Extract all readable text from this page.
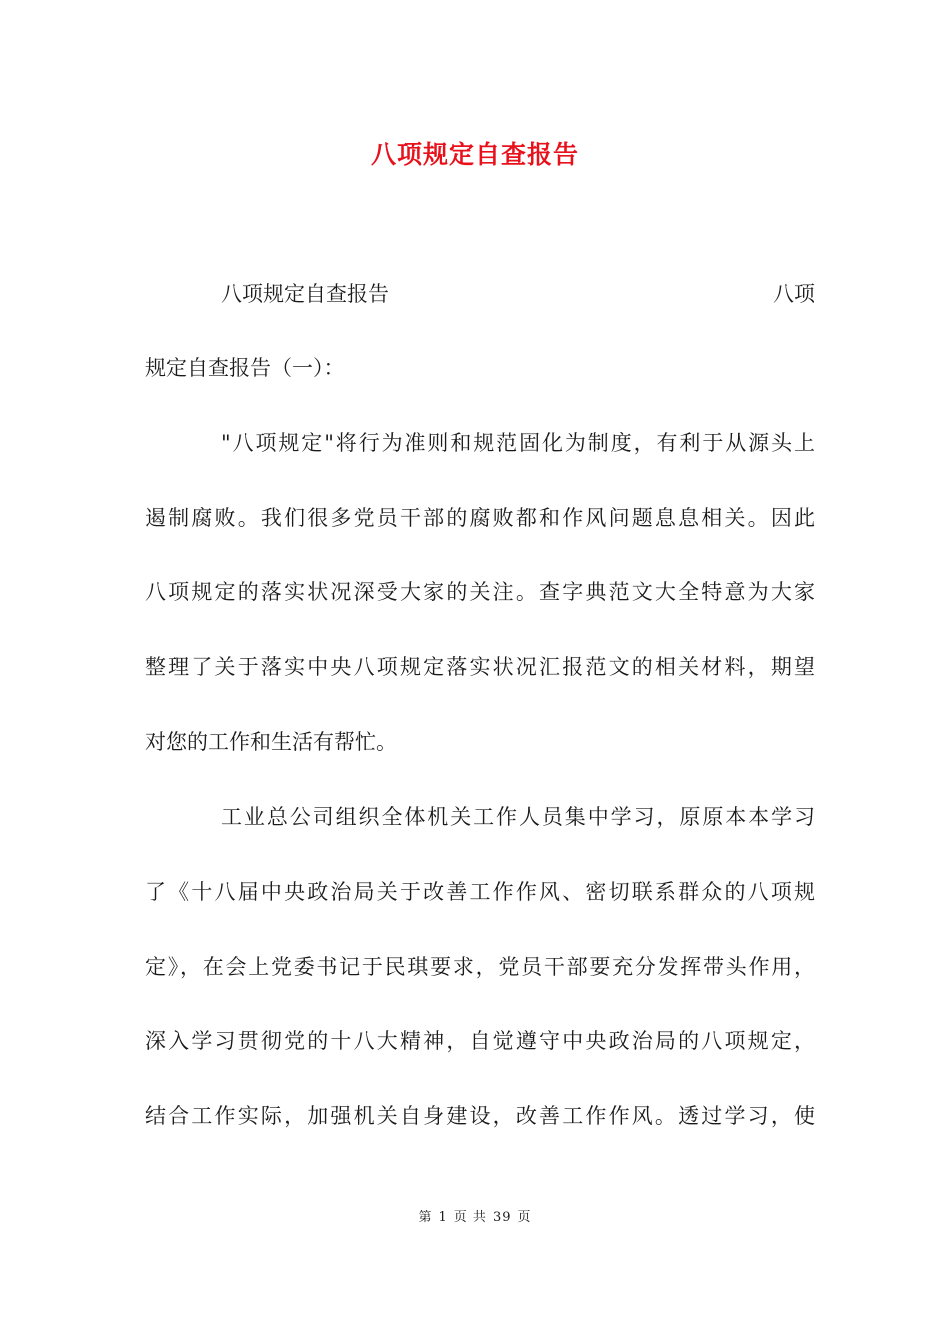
八项规定自查报告
八项规定自查报告	八项
规定自查报告（一）：
"八项规定"将行为准则和规范固化为制度，有利于从源头上
遏制腐败。我们很多党员干部的腐败都和作风问题息息相关。因此
八项规定的落实状况深受大家的关注。查字典范文大全特意为大家
整理了关于落实中央八项规定落实状况汇报范文的相关材料，期望
对您的工作和生活有帮忙。
工业总公司组织全体机关工作人员集中学习，原原本本学习
了《十八届中央政治局关于改善工作作风、密切联系群众的八项规
定》，在会上党委书记于民琪要求，党员干部要充分发挥带头作用，
深入学习贯彻党的十八大精神，自觉遵守中央政治局的八项规定，
结合工作实际，加强机关自身建设，改善工作作风。透过学习，使
第 1 页 共 39 页
